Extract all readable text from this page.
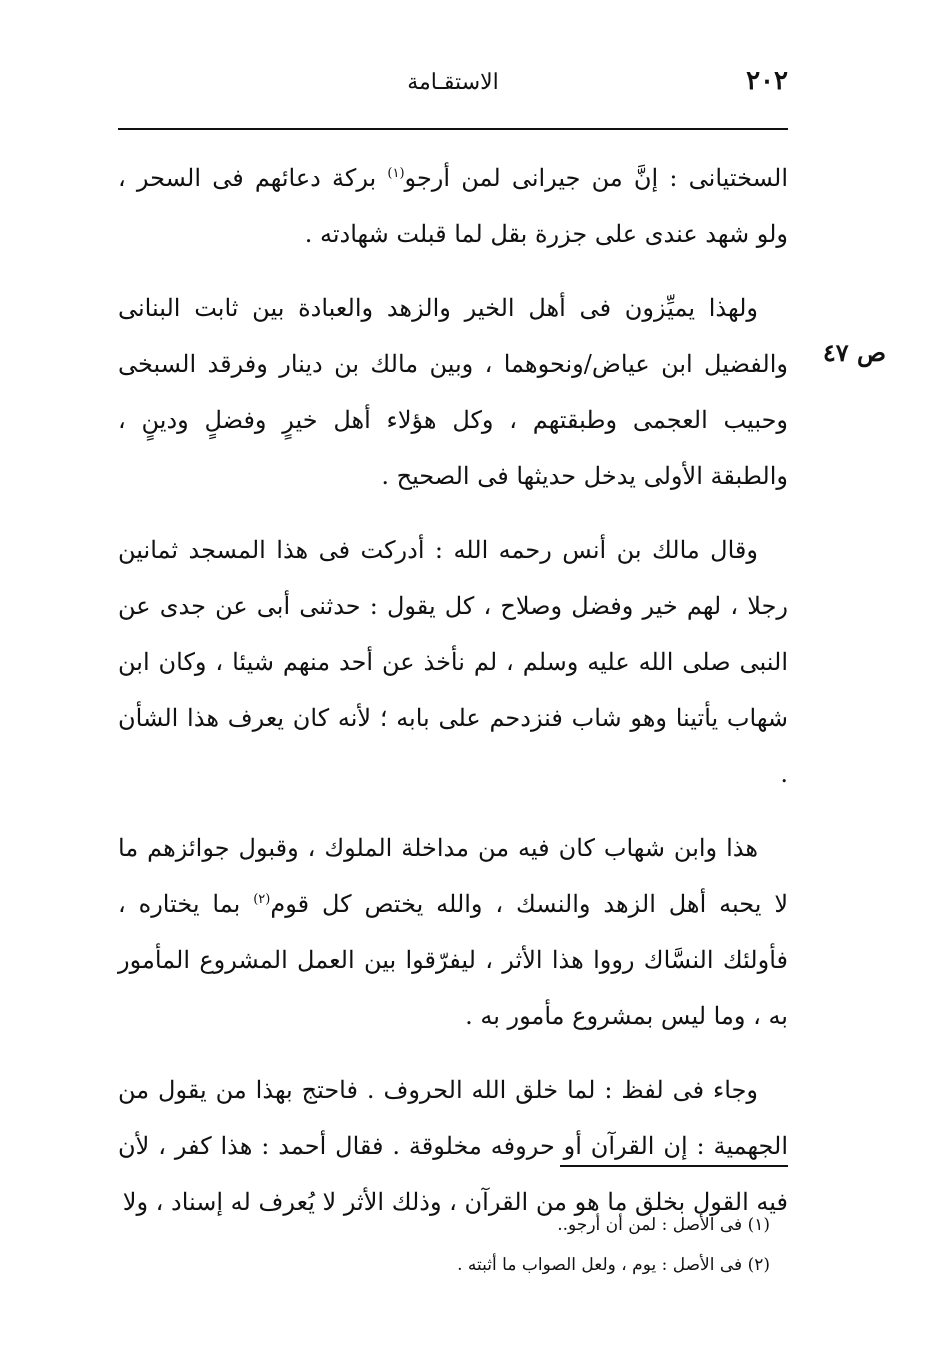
٢٠٢
الاستقـامة
ص ٤٧

السختيانى : إنَّ من جيرانى لمن أرجو$^{(١)}$ بركة دعائهم فى السحر ، ولو شهد عندى على جزرة بقل لما قبلت شهادته .

ولهذا يميِّزون فى أهل الخير والزهد والعبادة بين ثابت البنانى والفضيل ابن عياض/ونحوهما ، وبين مالك بن دينار وفرقد السبخى وحبيب العجمى وطبقتهم ، وكل هؤلاء أهل خيرٍ وفضلٍ ودينٍ ، والطبقة الأولى يدخل حديثها فى الصحيح .

وقال مالك بن أنس رحمه الله : أدركت فى هذا المسجد ثمانين رجلا ، لهم خير وفضل وصلاح ، كل يقول : حدثنى أبى عن جدى عن النبى صلى الله عليه وسلم ، لم نأخذ عن أحد منهم شيئا ، وكان ابن شهاب يأتينا وهو شاب فنزدحم على بابه ؛ لأنه كان يعرف هذا الشأن .

هذا وابن شهاب كان فيه من مداخلة الملوك ، وقبول جوائزهم ما لا يحبه أهل الزهد والنسك ، والله يختص كل قوم$^{(٢)}$ بما يختاره ، فأولئك النسَّاك رووا هذا الأثر ، ليفرّقوا بين العمل المشروع المأمور به ، وما ليس بمشروع مأمور به .

وجاء فى لفظ : لما خلق الله الحروف . فاحتج بهذا من يقول من الجهمية : إن القرآن أو حروفه مخلوقة . فقال أحمد : هذا كفر ، لأن فيه القول بخلق ما هو من القرآن ، وذلك الأثر لا يُعرف له إسناد ، ولا

(١) فى الأصل : لمن أن أرجو..
(٢) فى الأصل : يوم ، ولعل الصواب ما أثبته .
